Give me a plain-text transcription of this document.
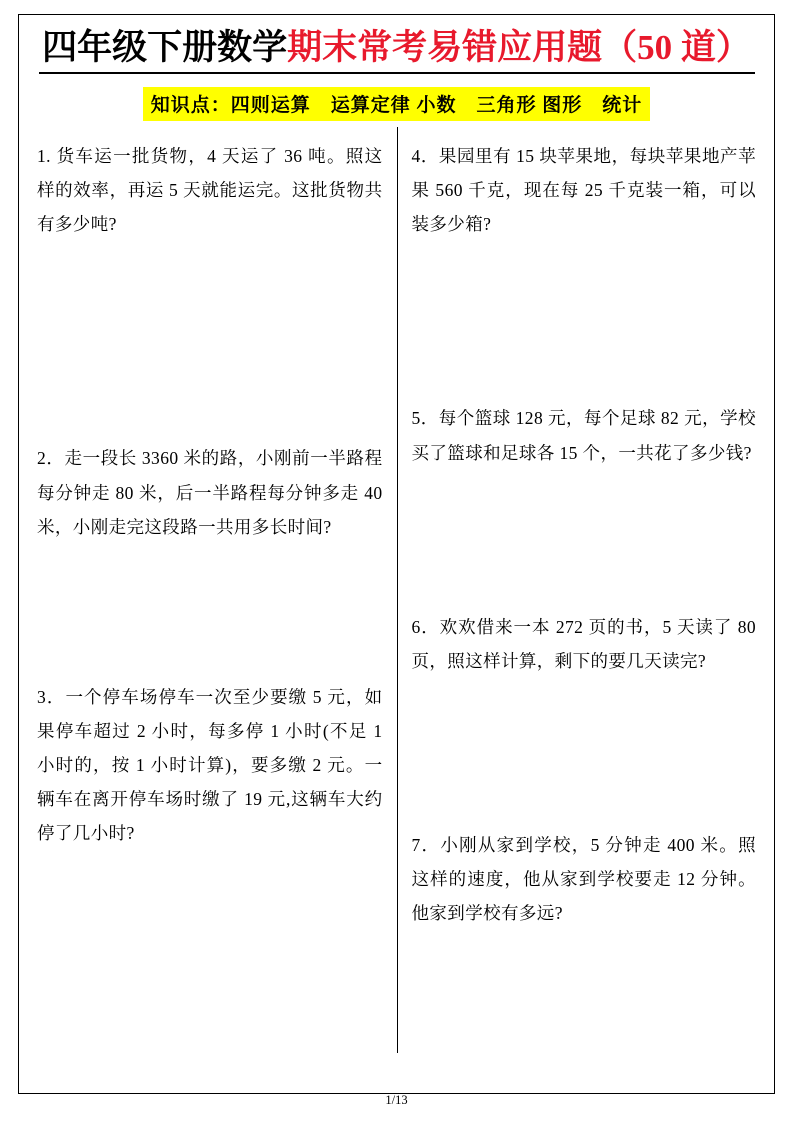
四年级下册数学期末常考易错应用题（50 道）
知识点：四则运算　运算定律 小数　三角形 图形　统计
1. 货车运一批货物，4 天运了 36 吨。照这样的效率，再运 5 天就能运完。这批货物共有多少吨?
2．走一段长 3360 米的路，小刚前一半路程每分钟走 80 米，后一半路程每分钟多走 40 米，小刚走完这段路一共用多长时间?
3．一个停车场停车一次至少要缴 5 元，如果停车超过 2 小时，每多停 1 小时(不足 1 小时的，按 1 小时计算)，要多缴 2 元。一辆车在离开停车场时缴了 19 元,这辆车大约停了几小时?
4．果园里有 15 块苹果地，每块苹果地产苹果 560 千克，现在每 25 千克装一箱，可以装多少箱?
5．每个篮球 128 元，每个足球 82 元，学校买了篮球和足球各 15 个，一共花了多少钱?
6．欢欢借来一本 272 页的书，5 天读了 80 页，照这样计算，剩下的要几天读完?
7．小刚从家到学校，5 分钟走 400 米。照这样的速度，他从家到学校要走 12 分钟。他家到学校有多远?
1/13
